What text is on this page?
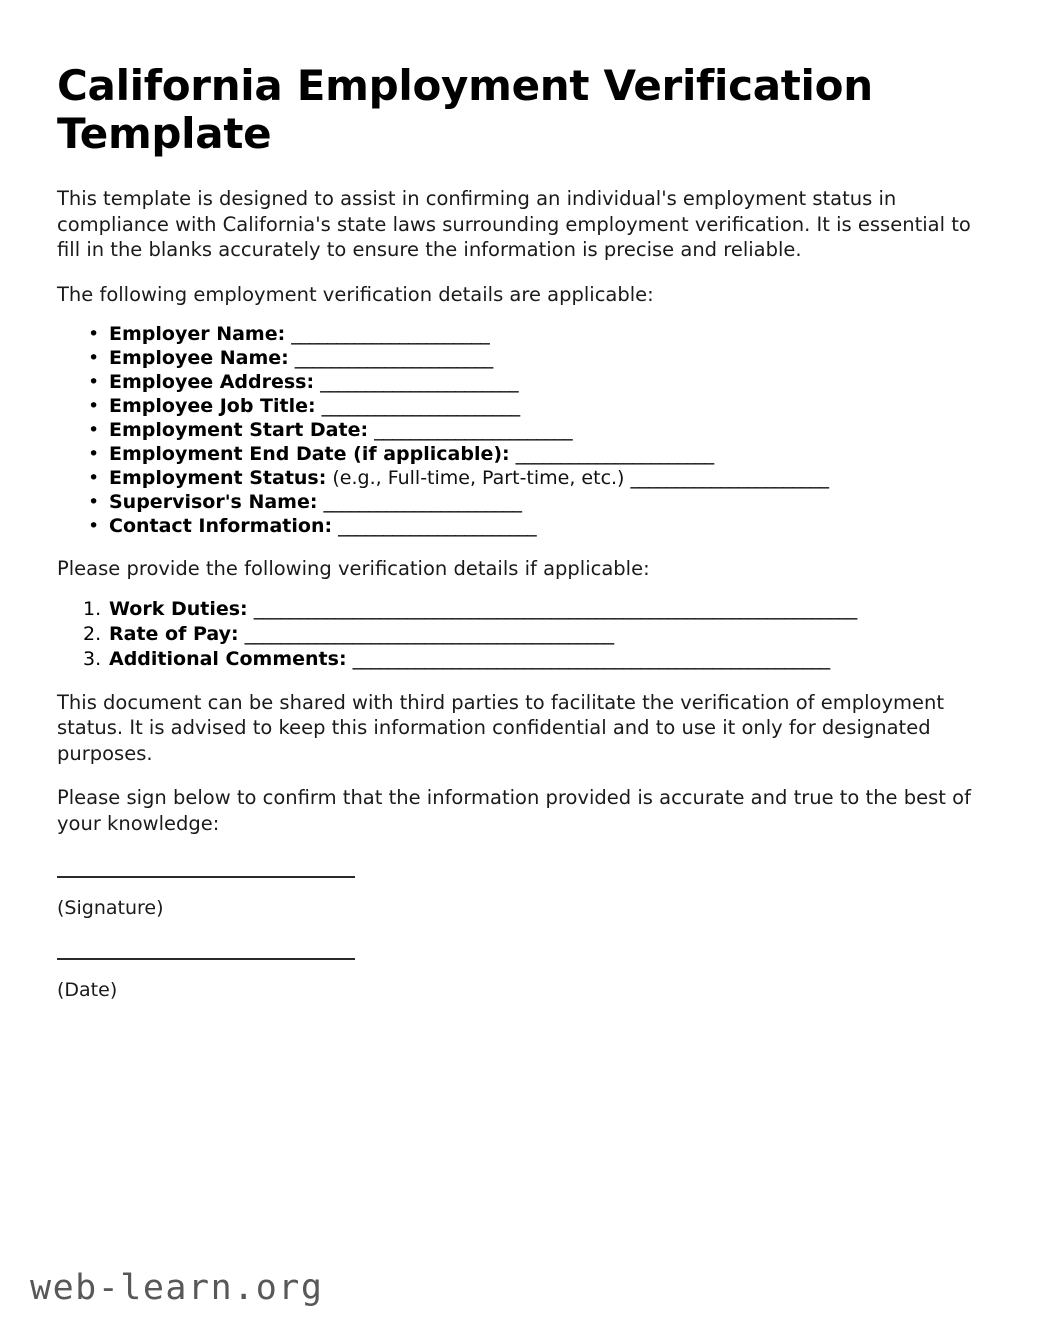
California Employment Verification Template

This template is designed to assist in confirming an individual's employment status in compliance with California's state laws surrounding employment verification. It is essential to fill in the blanks accurately to ensure the information is precise and reliable.

The following employment verification details are applicable:

• Employer Name: ______________________
• Employee Name: ______________________
• Employee Address: ______________________
• Employee Job Title: ______________________
• Employment Start Date: ______________________
• Employment End Date (if applicable): ______________________
• Employment Status: (e.g., Full-time, Part-time, etc.) ______________________
• Supervisor's Name: ______________________
• Contact Information: ______________________

Please provide the following verification details if applicable:

Work Duties: ___________________________________________________________________
Rate of Pay: _________________________________________
Additional Comments: _____________________________________________________

This document can be shared with third parties to facilitate the verification of employment status. It is advised to keep this information confidential and to use it only for designated purposes.

Please sign below to confirm that the information provided is accurate and true to the best of your knowledge:

(Signature)

(Date)

web-learn.org
